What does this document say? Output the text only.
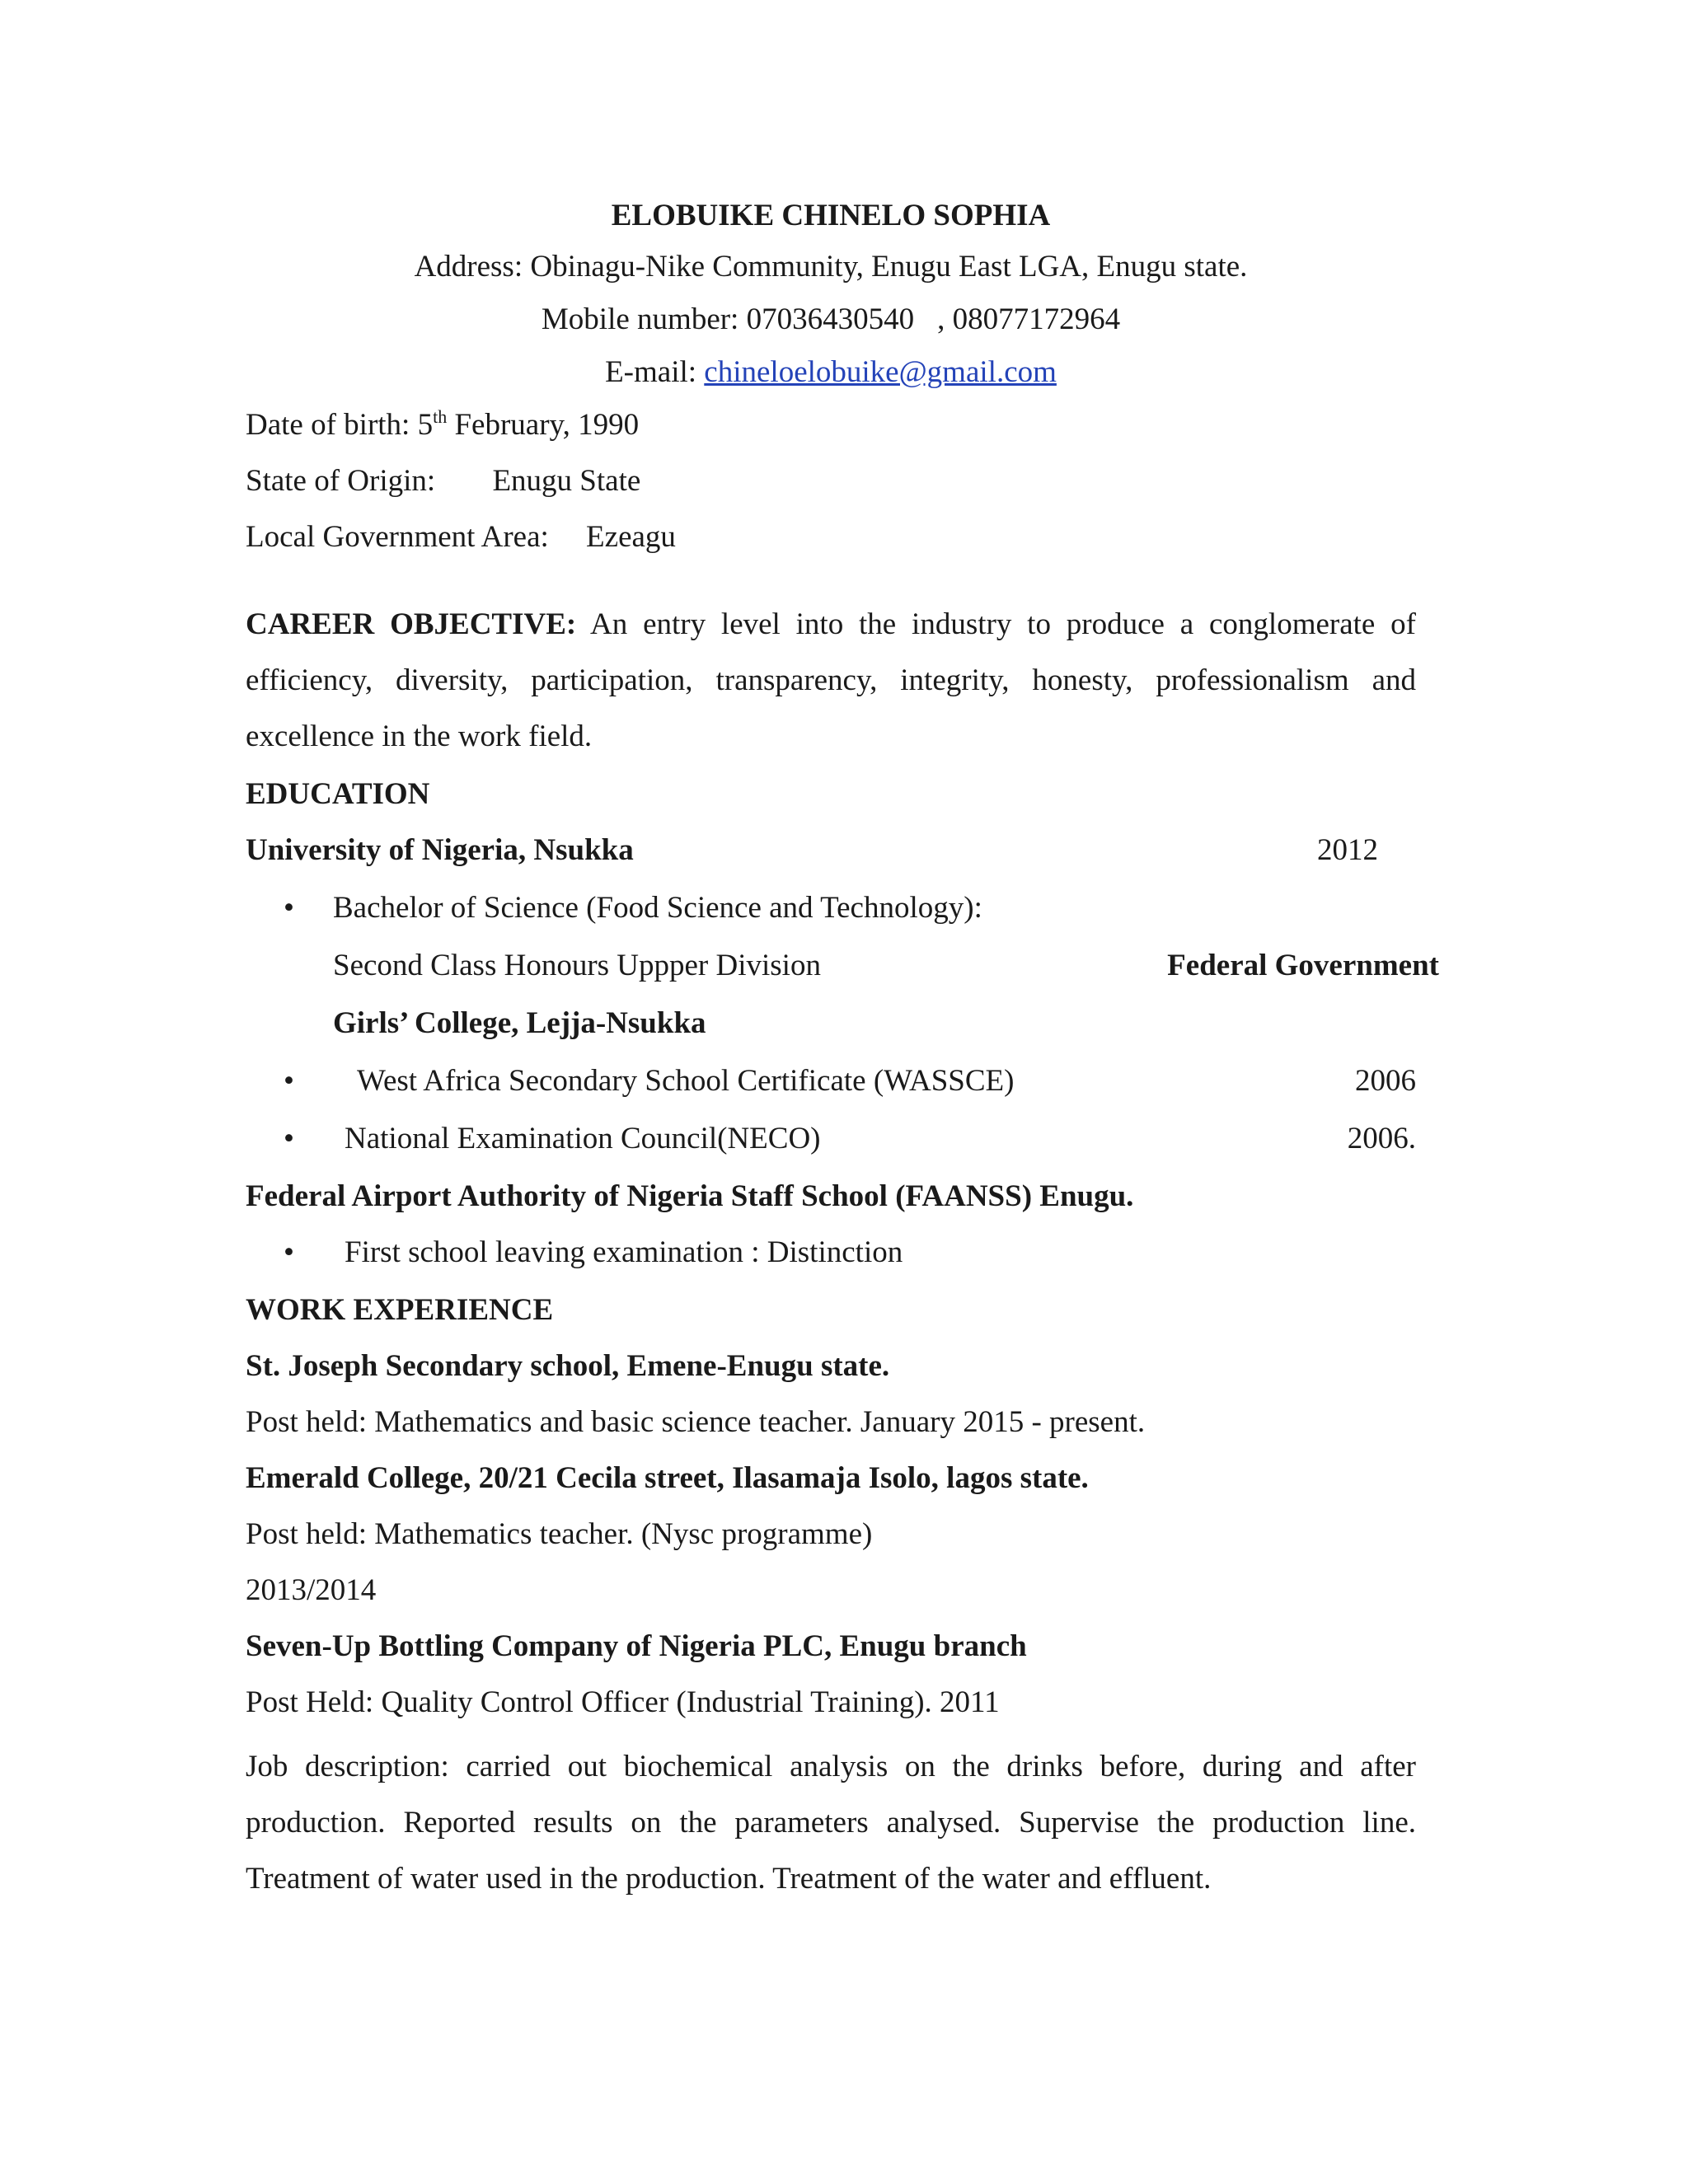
ELOBUIKE CHINELO SOPHIA
Address: Obinagu-Nike Community, Enugu East LGA, Enugu state.
Mobile number: 07036430540 , 08077172964
E-mail: chineloelobuike@gmail.com
Date of birth: 5th February, 1990
State of Origin: Enugu State
Local Government Area: Ezeagu

CAREER OBJECTIVE: An entry level into the industry to produce a conglomerate of efficiency, diversity, participation, transparency, integrity, honesty, professionalism and excellence in the work field.

EDUCATION
University of Nigeria, Nsukka	2012
• Bachelor of Science (Food Science and Technology):
Second Class Honours Uppper Division	Federal Government
Girls’ College, Lejja-Nsukka
• West Africa Secondary School Certificate (WASSCE)	2006
• National Examination Council(NECO)	2006.
Federal Airport Authority of Nigeria Staff School (FAANSS) Enugu.
• First school leaving examination : Distinction
WORK EXPERIENCE
St. Joseph Secondary school, Emene-Enugu state.
Post held: Mathematics and basic science teacher. January 2015 - present.
Emerald College, 20/21 Cecila street, Ilasamaja Isolo, lagos state.
Post held: Mathematics teacher. (Nysc programme)
2013/2014
Seven-Up Bottling Company of Nigeria PLC, Enugu branch
Post Held: Quality Control Officer (Industrial Training). 2011

Job description: carried out biochemical analysis on the drinks before, during and after production. Reported results on the parameters analysed. Supervise the production line. Treatment of water used in the production. Treatment of the water and effluent.
